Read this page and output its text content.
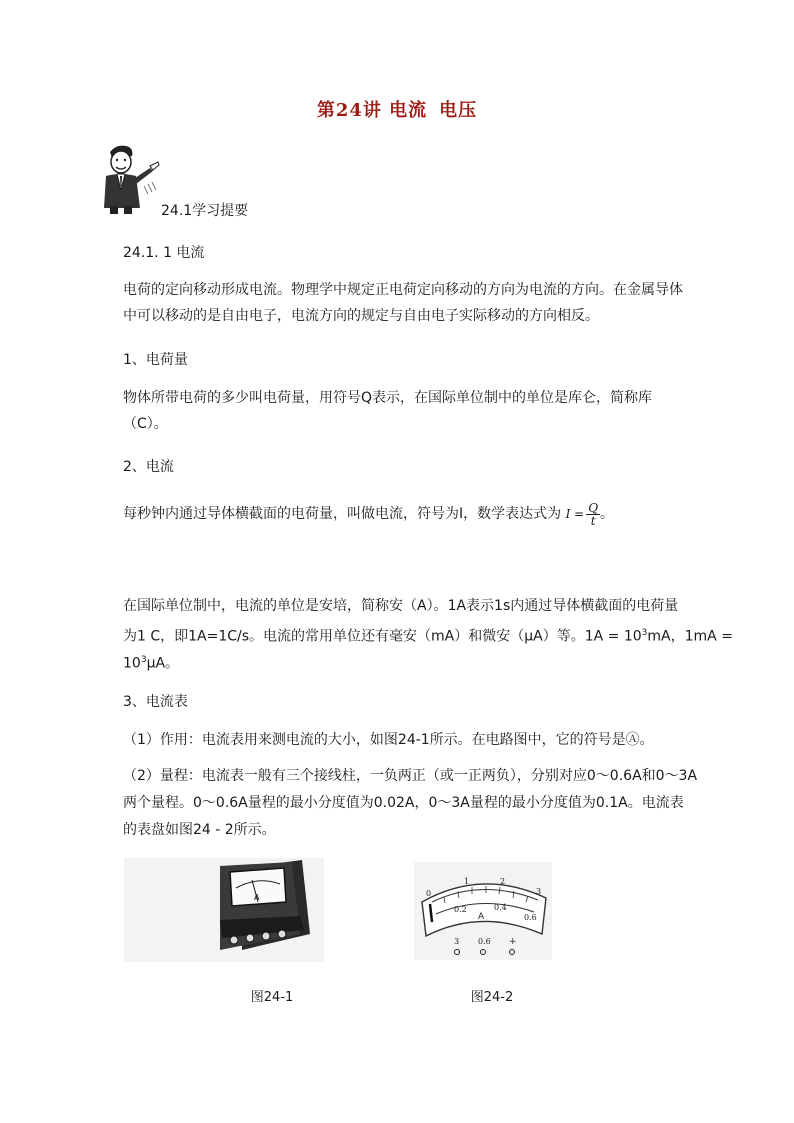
第24讲 电流 电压
24.1学习提要
24.1. 1 电流
电荷的定向移动形成电流。物理学中规定正电荷定向移动的方向为电流的方向。在金属导体中可以移动的是自由电子，电流方向的规定与自由电子实际移动的方向相反。
1、电荷量
物体所带电荷的多少叫电荷量，用符号Q表示，在国际单位制中的单位是库仑，简称库（C）。
2、电流
每秒钟内通过导体横截面的电荷量，叫做电流，符号为I，数学表达式为 $I = \frac{Q}{t}$ 。
在国际单位制中，电流的单位是安培，简称安（A）。1A表示1s内通过导体横截面的电荷量
为1 C，即1A=1C/s。电流的常用单位还有毫安（mA）和微安（μA）等。$1A = 10^3mA$，1mA =
$10^3\mu A$。
3、电流表
（1）作用：电流表用来测电流的大小，如图24-1所示。在电路图中，它的符号是Ⓐ。
（2）量程：电流表一般有三个接线柱，一负两正（或一正两负），分别对应0～0.6A和0～3A
两个量程。0～0.6A量程的最小分度值为0.02A，0～3A量程的最小分度值为0.1A。电流表
的表盘如图24 - 2所示。
A	0
1	2
3
0.2	0.4
0.6
A
3 0.6 +
图24-1	图24-2
